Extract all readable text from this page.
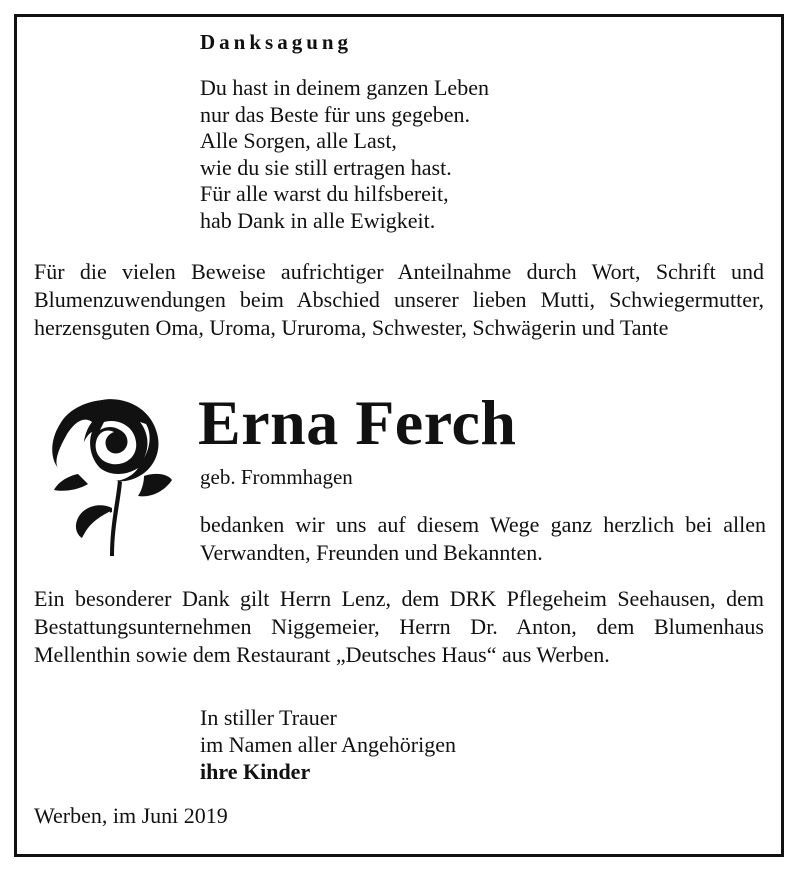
Danksagung
Du hast in deinem ganzen Leben
nur das Beste für uns gegeben.
Alle Sorgen, alle Last,
wie du sie still ertragen hast.
Für alle warst du hilfsbereit,
hab Dank in alle Ewigkeit.
Für die vielen Beweise aufrichtiger Anteilnahme durch Wort, Schrift und Blumenzuwendungen beim Abschied unserer lieben Mutti, Schwiegermutter, herzensguten Oma, Uroma, Ururoma, Schwester, Schwägerin und Tante
Erna Ferch
geb. Frommhagen
bedanken wir uns auf diesem Wege ganz herzlich bei allen Verwandten, Freunden und Bekannten.
Ein besonderer Dank gilt Herrn Lenz, dem DRK Pflegeheim Seehausen, dem Bestattungsunternehmen Niggemeier, Herrn Dr. Anton, dem Blumenhaus Mellenthin sowie dem Restaurant „Deutsches Haus“ aus Werben.
In stiller Trauer
im Namen aller Angehörigen
ihre Kinder
Werben, im Juni 2019
